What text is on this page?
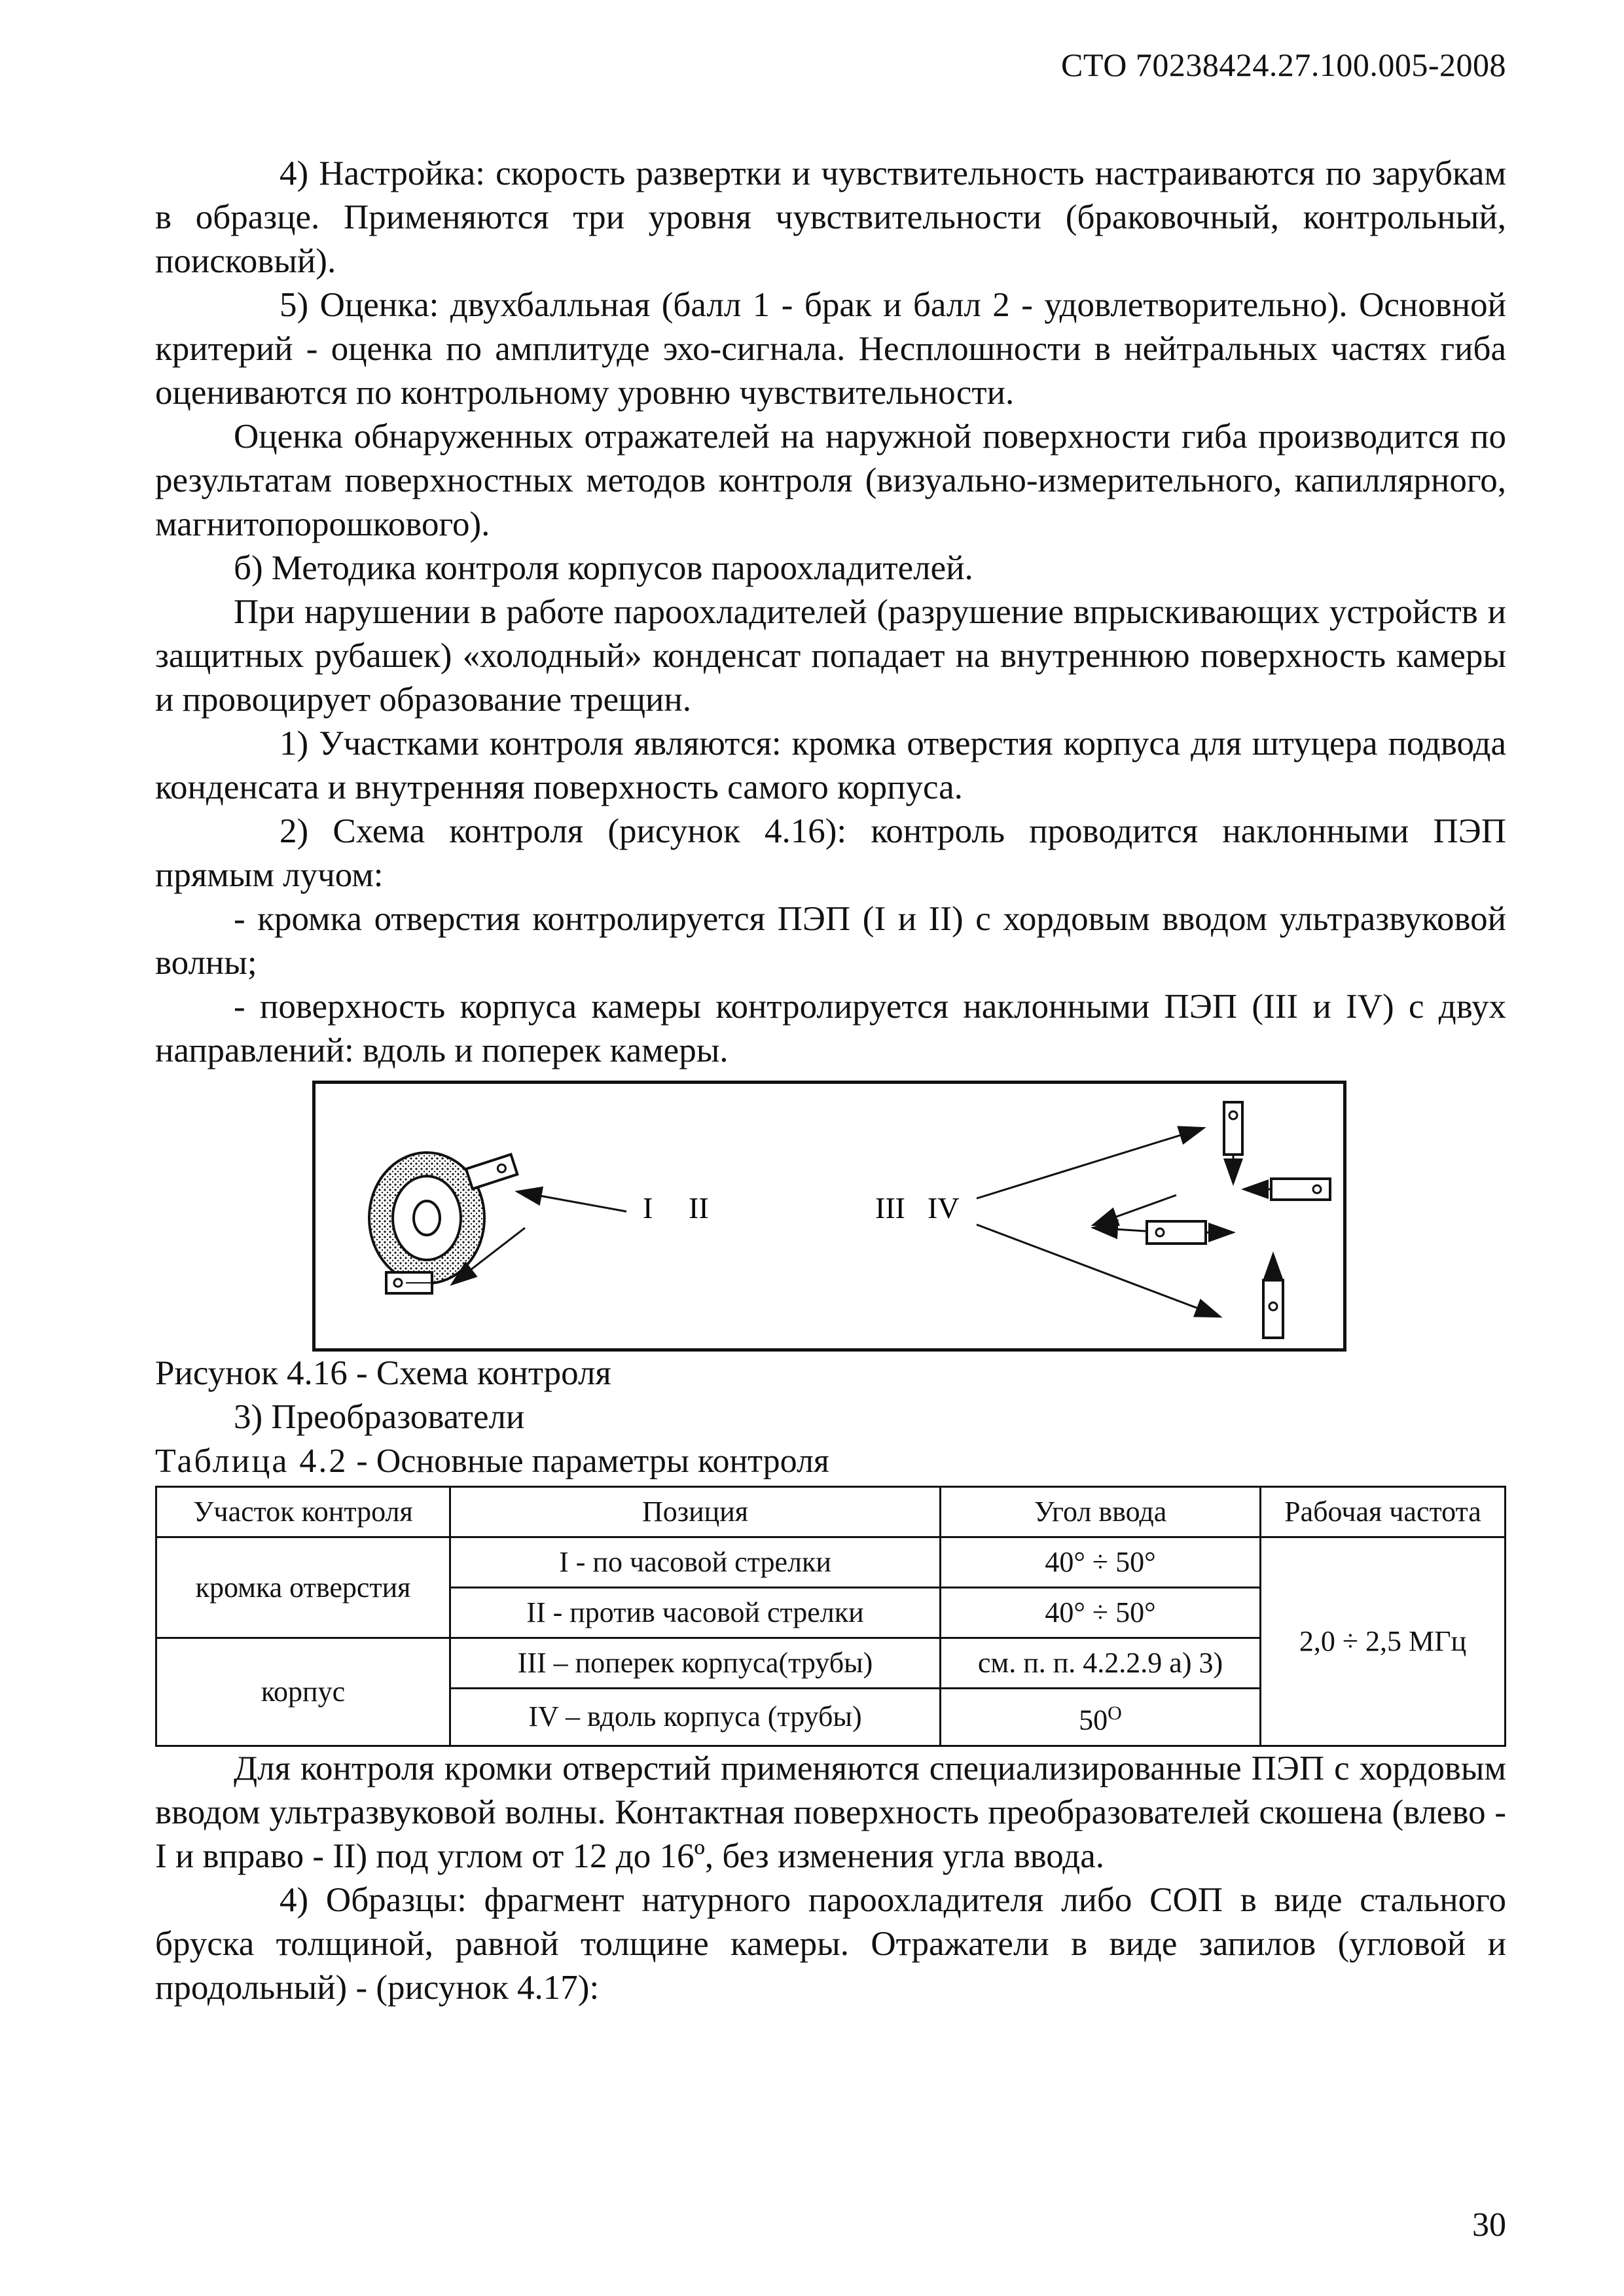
СТО 70238424.27.100.005-2008

4) Настройка: скорость развертки и чувствительность настраиваются по зарубкам в образце. Применяются три уровня чувствительности (браковочный, контрольный, поисковый).

5) Оценка: двухбалльная (балл 1 - брак и балл 2 - удовлетворительно). Основной критерий - оценка по амплитуде эхо-сигнала. Несплошности в нейтральных частях гиба оцениваются по контрольному уровню чувствительности.

Оценка обнаруженных отражателей на наружной поверхности гиба производится по результатам поверхностных методов контроля (визуально-измерительного, капиллярного, магнитопорошкового).

б) Методика контроля корпусов пароохладителей.

При нарушении в работе пароохладителей (разрушение впрыскивающих устройств и защитных рубашек) «холодный» конденсат попадает на внутреннюю поверхность камеры и провоцирует образование трещин.

1) Участками контроля являются: кромка отверстия корпуса для штуцера подвода конденсата и внутренняя поверхность самого корпуса.

2) Схема контроля (рисунок 4.16): контроль проводится наклонными ПЭП прямым лучом:

- кромка отверстия контролируется ПЭП (I и II) с хордовым вводом ультразвуковой волны;

- поверхность корпуса камеры контролируется наклонными ПЭП (III и IV) с двух направлений: вдоль и поперек камеры.

I II	III IV

Рисунок 4.16 - Схема контроля

3) Преобразователи

Таблица 4.2 - Основные параметры контроля

Участок контроля	Позиция	Угол ввода	Рабочая частота
кромка отверстия	I - по часовой стрелки	40° ÷ 50°	2,0 ÷ 2,5 МГц
	II - против часовой стрелки	40° ÷ 50°	
корпус	III – поперек корпуса(трубы)	см. п. п. 4.2.2.9 а) 3)	
	IV – вдоль корпуса (трубы)	$50^O$

Для контроля кромки отверстий применяются специализированные ПЭП с хордовым вводом ультразвуковой волны. Контактная поверхность преобразователей скошена (влево - I и вправо - II) под углом от 12 до 16º, без изменения угла ввода.

4) Образцы: фрагмент натурного пароохладителя либо СОП в виде стального бруска толщиной, равной толщине камеры. Отражатели в виде запилов (угловой и продольный) - (рисунок 4.17):

30
